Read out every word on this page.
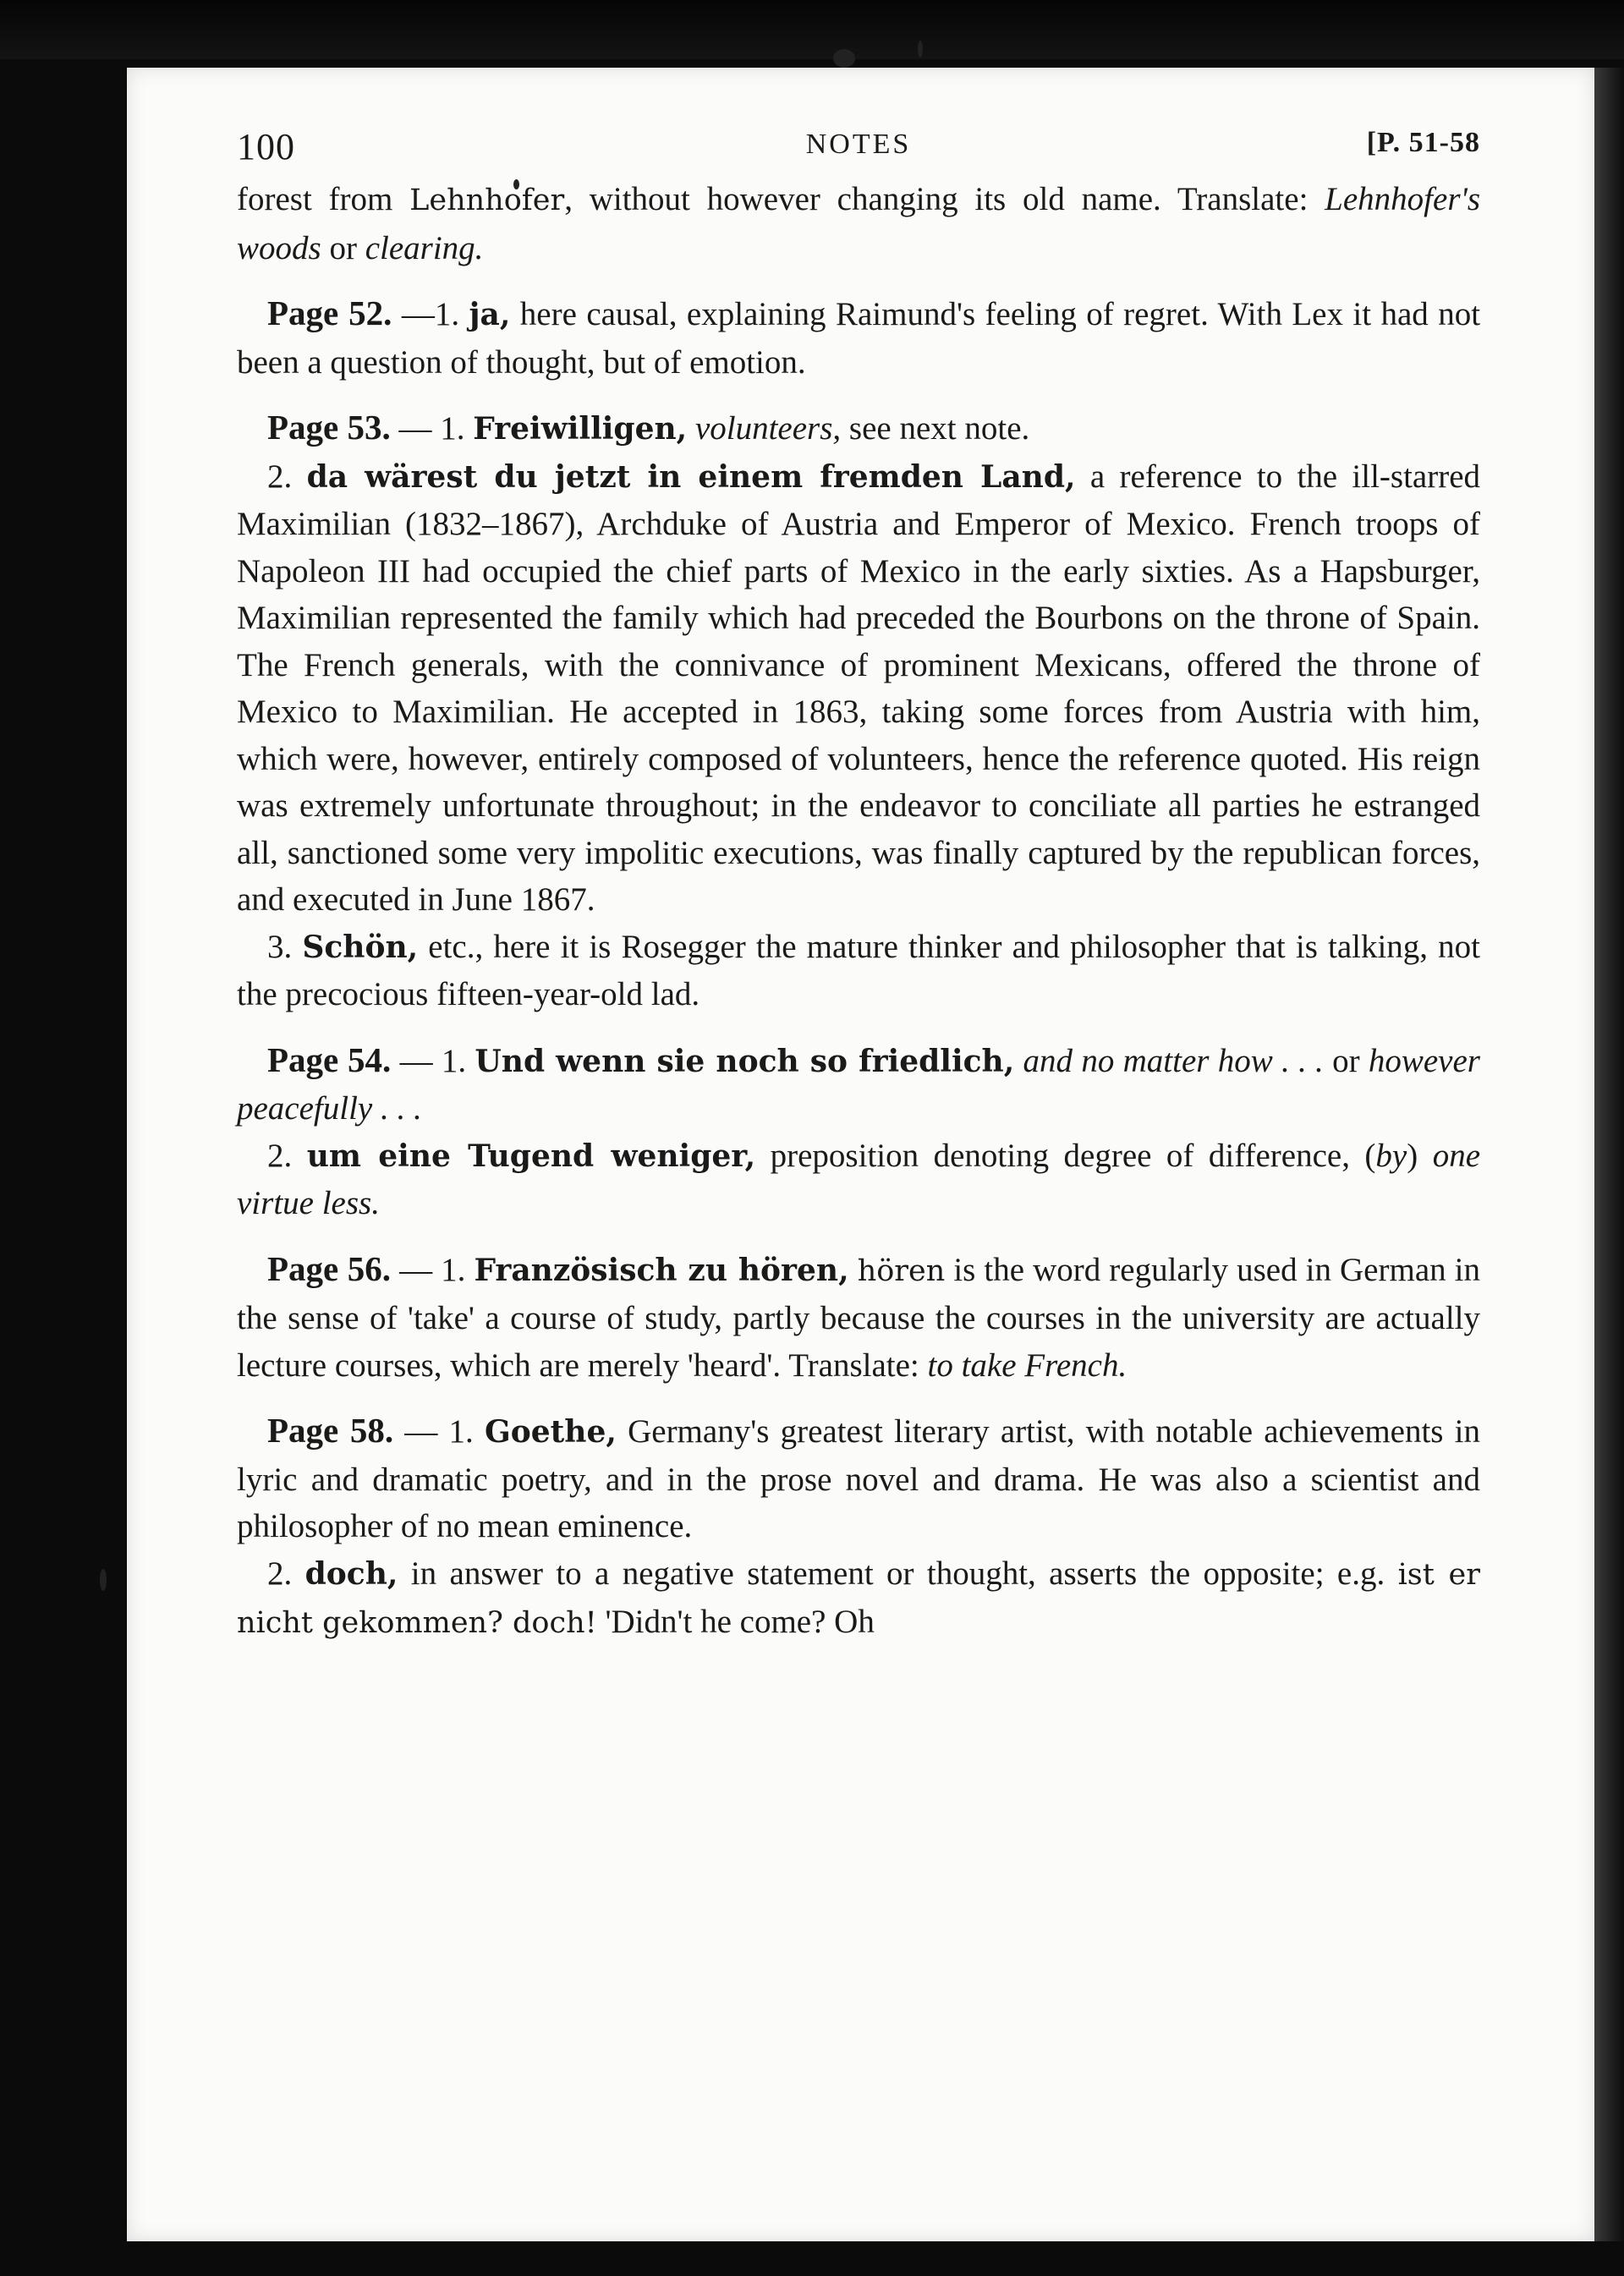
100	NOTES	[P. 51-58

forest from Lehnhofer, without however changing its old name. Translate: Lehnhofer's woods or clearing.

Page 52. —1. ja, here causal, explaining Raimund's feeling of regret. With Lex it had not been a question of thought, but of emotion.

Page 53. — 1. Freiwilligen, volunteers, see next note.

2. da wärest du jetzt in einem fremden Land, a reference to the ill-starred Maximilian (1832–1867), Archduke of Austria and Emperor of Mexico. French troops of Napoleon III had occupied the chief parts of Mexico in the early sixties. As a Hapsburger, Maximilian represented the family which had preceded the Bourbons on the throne of Spain. The French generals, with the connivance of prominent Mexicans, offered the throne of Mexico to Maximilian. He accepted in 1863, taking some forces from Austria with him, which were, however, entirely composed of volunteers, hence the reference quoted. His reign was extremely unfortunate throughout; in the endeavor to conciliate all parties he estranged all, sanctioned some very impolitic executions, was finally captured by the republican forces, and executed in June 1867.

3. Schön, etc., here it is Rosegger the mature thinker and philosopher that is talking, not the precocious fifteen-year-old lad.

Page 54. — 1. Und wenn sie noch so friedlich, and no matter how . . . or however peacefully . . .

2. um eine Tugend weniger, preposition denoting degree of difference, (by) one virtue less.

Page 56. — 1. Französisch zu hören, hören is the word regularly used in German in the sense of 'take' a course of study, partly because the courses in the university are actually lecture courses, which are merely 'heard'. Translate: to take French.

Page 58. — 1. Goethe, Germany's greatest literary artist, with notable achievements in lyric and dramatic poetry, and in the prose novel and drama. He was also a scientist and philosopher of no mean eminence.

2. doch, in answer to a negative statement or thought, asserts the opposite; e.g. ist er nicht gekommen? doch! 'Didn't he come? Oh
